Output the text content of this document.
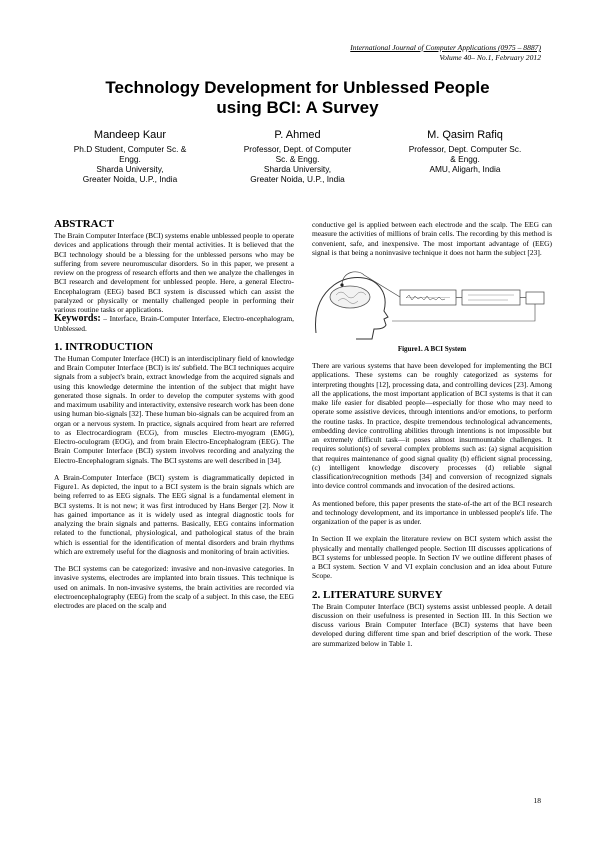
International Journal of Computer Applications (0975 – 8887)
Volume 40– No.1, February 2012
Technology Development for Unblessed People
using BCI: A Survey
Mandeep Kaur
Ph.D Student, Computer Sc. &
Engg.
Sharda University,
Greater Noida, U.P., India
P. Ahmed
Professor, Dept. of Computer
Sc. & Engg.
Sharda University,
Greater Noida, U.P., India
M. Qasim Rafiq
Professor, Dept. Computer Sc.
& Engg.
AMU, Aligarh, India
ABSTRACT

The Brain Computer Interface (BCI) systems enable unblessed people to operate devices and applications through their mental activities. It is believed that the BCI technology should be a blessing for the unblessed persons who may be suffering from severe neuromuscular disorders. So in this paper, we present a review on the progress of research efforts and then we analyze the challenges in BCI research and development for unblessed people. Here, a general Electro-Encephalogram (EEG) based BCI system is discussed which can assist the paralyzed or physically or mentally challenged people in performing their various routine tasks or applications.

Keywords: – Interface, Brain-Computer Interface, Electro-encephalogram, Unblessed.

1. INTRODUCTION

The Human Computer Interface (HCI) is an interdisciplinary field of knowledge and Brain Computer Interface (BCI) is its' subfield. The BCI techniques acquire signals from a subject's brain, extract knowledge from the acquired signals and using this knowledge determine the intention of the subject that might have generated those signals. In order to develop the computer systems with good and maximum usability and interactivity, extensive research work has been done using human bio-signals [32]. These human bio-signals can be acquired from an organ or a nervous system. In practice, signals acquired from heart are referred to as Electrocardiogram (ECG), from muscles Electro-myogram (EMG), Electro-oculogram (EOG), and from brain Electro-Encephalogram (EEG). The Brain Computer Interface (BCI) system involves recording and analyzing the Electro-Encephalogram signals. The BCI systems are well described in [34].

A Brain-Computer Interface (BCI) system is diagrammatically depicted in Figure1. As depicted, the input to a BCI system is the brain signals which are being referred to as EEG signals. The EEG signal is a fundamental element in BCI systems. It is not new; it was first introduced by Hans Berger [2]. Now it has gained importance as it is widely used as integral diagnostic tools for analyzing the brain signals and patterns. Basically, EEG contains information related to the functional, physiological, and pathological status of the brain which is essential for the identification of mental disorders and brain rhythms which are extremely useful for the diagnosis and monitoring of brain activities.

The BCI systems can be categorized: invasive and non-invasive categories. In invasive systems, electrodes are implanted into brain tissues. This technique is used on animals. In non-invasive systems, the brain activities are recorded via electroencephalography (EEG) from the scalp of a subject. In this case, the EEG electrodes are placed on the scalp and

conductive gel is applied between each electrode and the scalp. The EEG can measure the activities of millions of brain cells. The recording by this method is convenient, safe, and inexpensive. The most important advantage of (EEG) signal is that being a noninvasive technique it does not harm the subject [23].

Figure1. A BCI System

There are various systems that have been developed for implementing the BCI applications. These systems can be roughly categorized as systems for interpreting thoughts [12], processing data, and controlling devices [23]. Among all the applications, the most important application of BCI systems is that it can make life easier for disabled people—especially for those who may need to operate some assistive devices, through intentions and/or emotions, to perform the routine tasks. In practice, despite tremendous technological advancements, embedding device controlling abilities through intentions is not impossible but an extremely difficult task—it poses almost insurmountable challenges. It requires solution(s) of several complex problems such as: (a) signal acquisition that requires maintenance of good signal quality (b) efficient signal processing, (c) intelligent knowledge discovery processes (d) reliable signal classification/recognition methods [34] and conversion of recognized signals into device control commands and invocation of the desired actions.

As mentioned before, this paper presents the state-of-the art of the BCI research and technology development, and its importance in unblessed people's life. The organization of the paper is as under.

In Section II we explain the literature review on BCI system which assist the physically and mentally challenged people. Section III discusses applications of BCI systems for unblessed people. In Section IV we outline different phases of a BCI system. Section V and VI explain conclusion and an idea about Future Scope.

2. LITERATURE SURVEY

The Brain Computer Interface (BCI) systems assist unblessed people. A detail discussion on their usefulness is presented in Section III. In this Section we discuss various Brain Computer Interface (BCI) systems that have been developed during different time span and brief description of the work. These are summarized below in Table 1.

18
